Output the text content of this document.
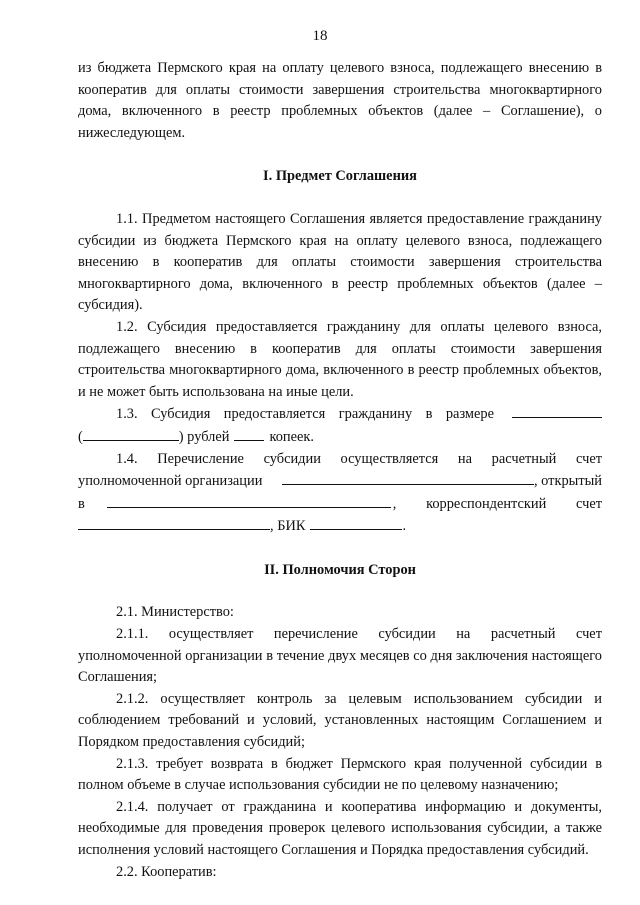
18

из бюджета Пермского края на оплату целевого взноса, подлежащего внесению в кооператив для оплаты стоимости завершения строительства многоквартирного дома, включенного в реестр проблемных объектов (далее – Соглашение), о нижеследующем.

I. Предмет Соглашения

1.1. Предметом настоящего Соглашения является предоставление гражданину субсидии из бюджета Пермского края на оплату целевого взноса, подлежащего внесению в кооператив для оплаты стоимости завершения строительства многоквартирного дома, включенного в реестр проблемных объектов (далее – субсидия).

1.2. Субсидия предоставляется гражданину для оплаты целевого взноса, подлежащего внесению в кооператив для оплаты стоимости завершения строительства многоквартирного дома, включенного в реестр проблемных объектов, и не может быть использована на иные цели.

1.3. Субсидия предоставляется гражданину в размере
(	) рублей	копеек.
1.4. Перечисление субсидии осуществляется на расчетный счет
уполномоченной организации	, открытый
в	, корреспондентский счет
, БИК	.

II. Полномочия Сторон

2.1. Министерство:

2.1.1. осуществляет перечисление субсидии на расчетный счет уполномоченной организации в течение двух месяцев со дня заключения настоящего Соглашения;

2.1.2. осуществляет контроль за целевым использованием субсидии и соблюдением требований и условий, установленных настоящим Соглашением и Порядком предоставления субсидий;

2.1.3. требует возврата в бюджет Пермского края полученной субсидии в полном объеме в случае использования субсидии не по целевому назначению;

2.1.4. получает от гражданина и кооператива информацию и документы, необходимые для проведения проверок целевого использования субсидии, а также исполнения условий настоящего Соглашения и Порядка предоставления субсидий.

2.2. Кооператив:
